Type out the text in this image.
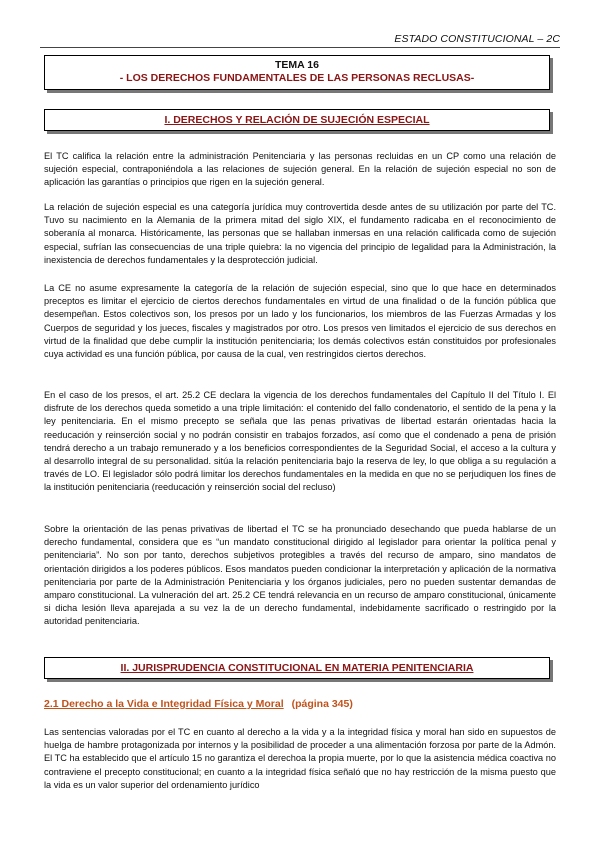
ESTADO CONSTITUCIONAL – 2C
TEMA 16
- LOS DERECHOS FUNDAMENTALES DE LAS PERSONAS RECLUSAS-
I. DERECHOS Y RELACIÓN DE SUJECIÓN ESPECIAL

El TC califica la relación entre la administración Penitenciaria y las personas recluidas en un CP como una relación de sujeción especial, contraponiéndola a las relaciones de sujeción general. En la relación de sujeción especial no son de aplicación las garantías o principios que rigen en la sujeción general.

La relación de sujeción especial es una categoría jurídica muy controvertida desde antes de su utilización por parte del TC. Tuvo su nacimiento en la Alemania de la primera mitad del siglo XIX, el fundamento radicaba en el reconocimiento de soberanía al monarca. Históricamente, las personas que se hallaban inmersas en una relación calificada como de sujeción especial, sufrían las consecuencias de una triple quiebra: la no vigencia del principio de legalidad para la Administración, la inexistencia de derechos fundamentales y la desprotección judicial.

La CE no asume expresamente la categoría de la relación de sujeción especial, sino que lo que hace en determinados preceptos es limitar el ejercicio de ciertos derechos fundamentales en virtud de una finalidad o de la función pública que desempeñan. Estos colectivos son, los presos por un lado y los funcionarios, los miembros de las Fuerzas Armadas y los Cuerpos de seguridad y los jueces, fiscales y magistrados por otro. Los presos ven limitados el ejercicio de sus derechos en virtud de la finalidad que debe cumplir la institución penitenciaria; los demás colectivos están constituidos por profesionales cuya actividad es una función pública, por causa de la cual, ven restringidos ciertos derechos.

En el caso de los presos, el art. 25.2 CE declara la vigencia de los derechos fundamentales del Capítulo II del Título I. El disfrute de los derechos queda sometido a una triple limitación: el contenido del fallo condenatorio, el sentido de la pena y la ley penitenciaria. En el mismo precepto se señala que las penas privativas de libertad estarán orientadas hacia la reeducación y reinserción social y no podrán consistir en trabajos forzados, así como que el condenado a pena de prisión tendrá derecho a un trabajo remunerado y a los beneficios correspondientes de la Seguridad Social, el acceso a la cultura y al desarrollo integral de su personalidad. sitúa la relación penitenciaria bajo la reserva de ley, lo que obliga a su regulación a través de LO. El legislador sólo podrá limitar los derechos fundamentales en la medida en que no se perjudiquen los fines de la institución penitenciaria (reeducación y reinserción social del recluso)

Sobre la orientación de las penas privativas de libertad el TC se ha pronunciado desechando que pueda hablarse de un derecho fundamental, considera que es “un mandato constitucional dirigido al legislador para orientar la política penal y penitenciaria”. No son por tanto, derechos subjetivos protegibles a través del recurso de amparo, sino mandatos de orientación dirigidos a los poderes públicos. Esos mandatos pueden condicionar la interpretación y aplicación de la normativa penitenciaria por parte de la Administración Penitenciaria y los órganos judiciales, pero no pueden sustentar demandas de amparo constitucional. La vulneración del art. 25.2 CE tendrá relevancia en un recurso de amparo constitucional, únicamente si dicha lesión lleva aparejada a su vez la de un derecho fundamental, indebidamente sacrificado o restringido por la autoridad penitenciaria.

II. JURISPRUDENCIA CONSTITUCIONAL EN MATERIA PENITENCIARIA
2.1 Derecho a la Vida e Integridad Física y Moral (página 345)

Las sentencias valoradas por el TC en cuanto al derecho a la vida y a la integridad física y moral han sido en supuestos de huelga de hambre protagonizada por internos y la posibilidad de proceder a una alimentación forzosa por parte de la Admón. El TC ha establecido que el artículo 15 no garantiza el derechoa la propia muerte, por lo que la asistencia médica coactiva no contraviene el precepto constitucional; en cuanto a la integridad física señaló que no hay restricción de la misma puesto que la vida es un valor superior del ordenamiento jurídico
